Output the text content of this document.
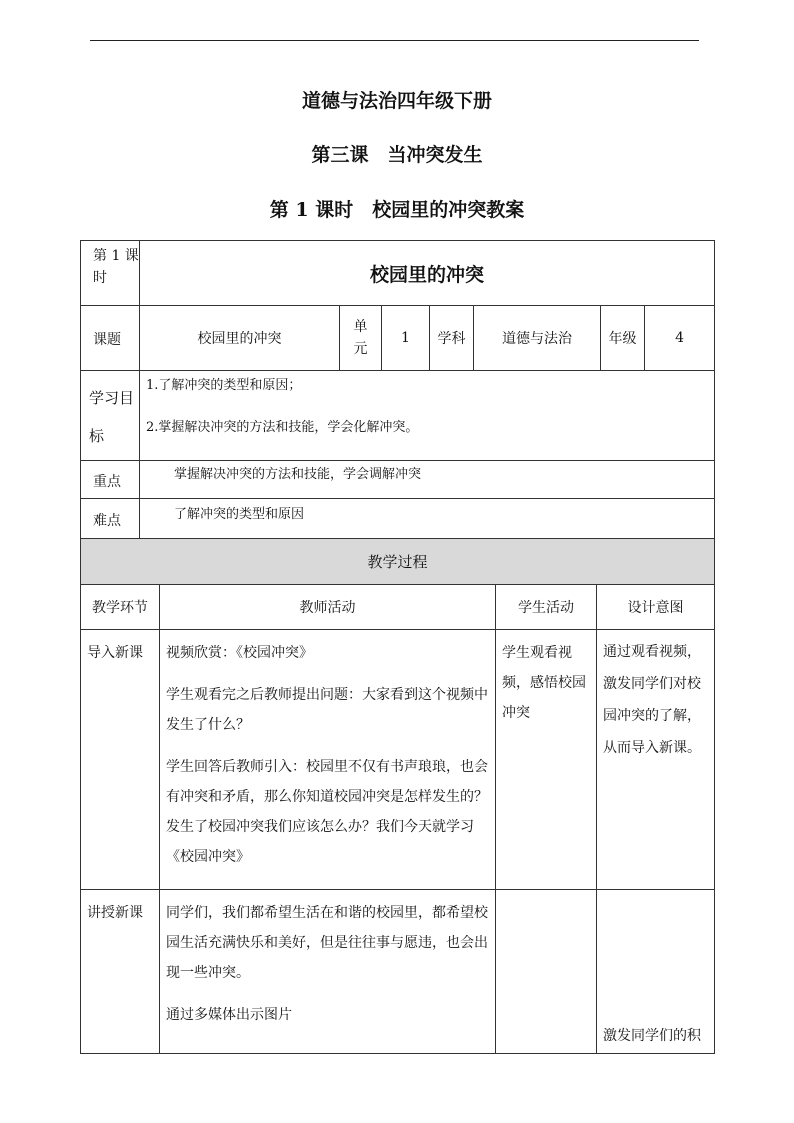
道德与法治四年级下册
第三课　当冲突发生
第 1 课时　校园里的冲突教案
第 1 课时	校园里的冲突						
课题	校园里的冲突	单元	1	学科	道德与法治	年级	4
学习目标	1.了解冲突的类型和原因；
2.掌握解决冲突的方法和技能，学会化解冲突。						

重点	掌握解决冲突的方法和技能，学会调解冲突						
难点	了解冲突的类型和原因						
教学过程			
教学环节	教师活动	学生活动	设计意图
导入新课	视频欣赏：《校园冲突》

学生观看完之后教师提出问题：大家看到这个视频中发生了什么？

学生回答后教师引入：校园里不仅有书声琅琅，也会有冲突和矛盾，那么你知道校园冲突是怎样发生的？发生了校园冲突我们应该怎么办？我们今天就学习《校园冲突》	学生观看视频，感悟校园冲突	通过观看视频，激发同学们对校园冲突的了解，从而导入新课。
讲授新课	同学们，我们都希望生活在和谐的校园里，都希望校园生活充满快乐和美好，但是往往事与愿违，也会出现一些冲突。

通过多媒体出示图片		激发同学们的积
